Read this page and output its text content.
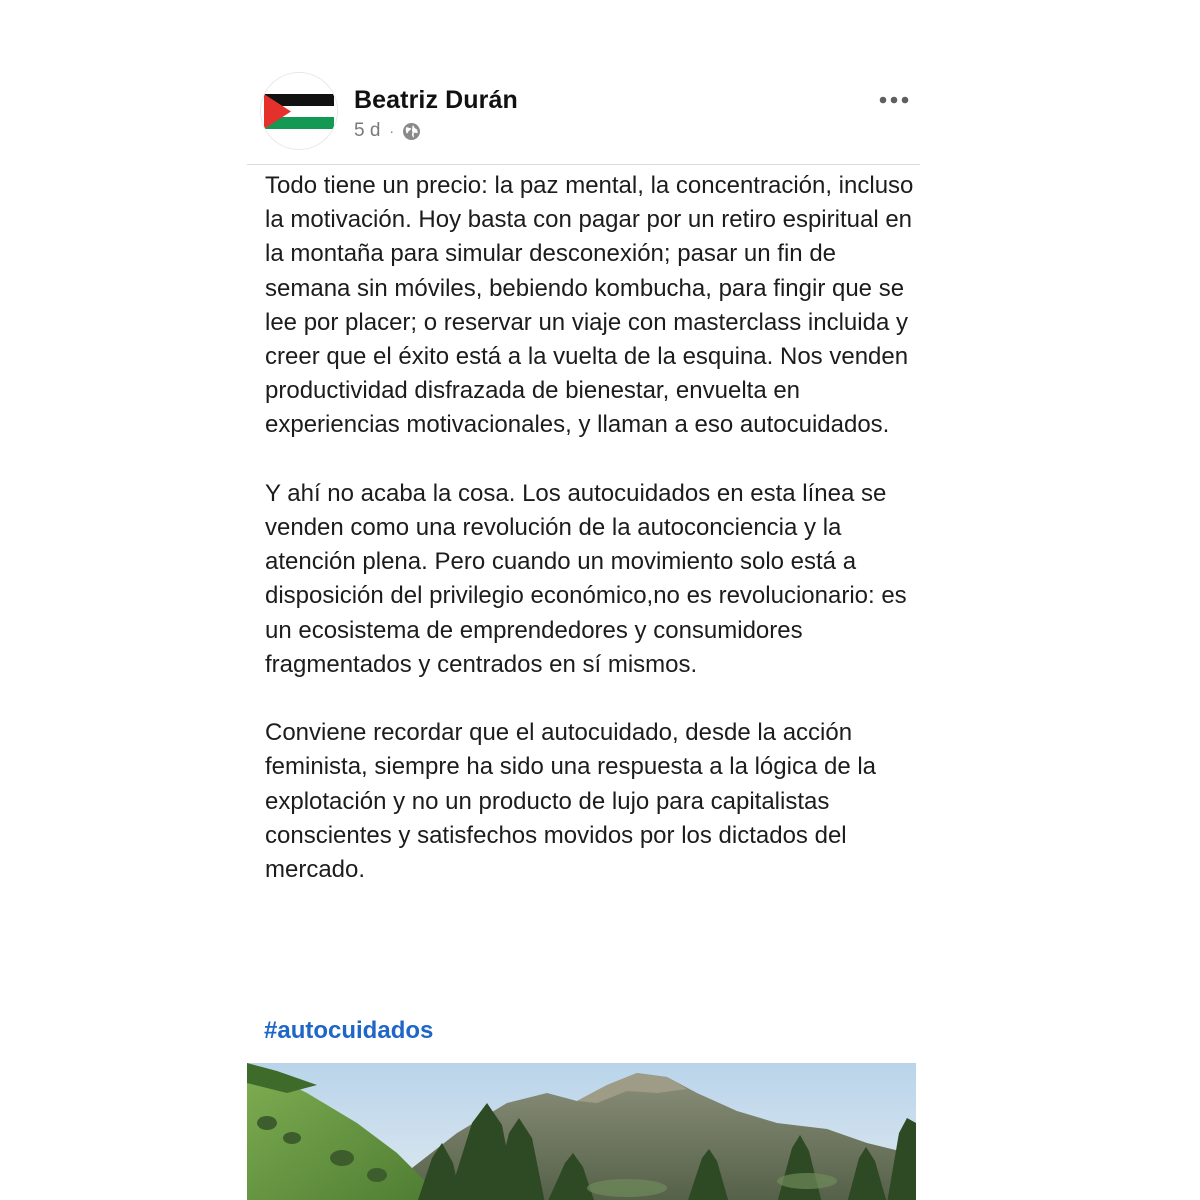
Beatriz Durán
5 d ·

Todo tiene un precio: la paz mental, la concentración, incluso la motivación. Hoy basta con pagar por un retiro espiritual en la montaña para simular desconexión; pasar un fin de semana sin móviles, bebiendo kombucha, para fingir que se lee por placer; o reservar un viaje con masterclass incluida y creer que el éxito está a la vuelta de la esquina. Nos venden productividad disfrazada de bienestar, envuelta en experiencias motivacionales, y llaman a eso autocuidados.

Y ahí no acaba la cosa. Los autocuidados en esta línea se venden como una revolución de la autoconciencia y la atención plena. Pero cuando un movimiento solo está a disposición del privilegio económico,no es revolucionario: es un ecosistema de emprendedores y consumidores fragmentados y centrados en sí mismos.

Conviene recordar que el autocuidado, desde la acción feminista, siempre ha sido una respuesta a la lógica de la explotación y no un producto de lujo para capitalistas conscientes y satisfechos movidos por los dictados del mercado.

#autocuidados
